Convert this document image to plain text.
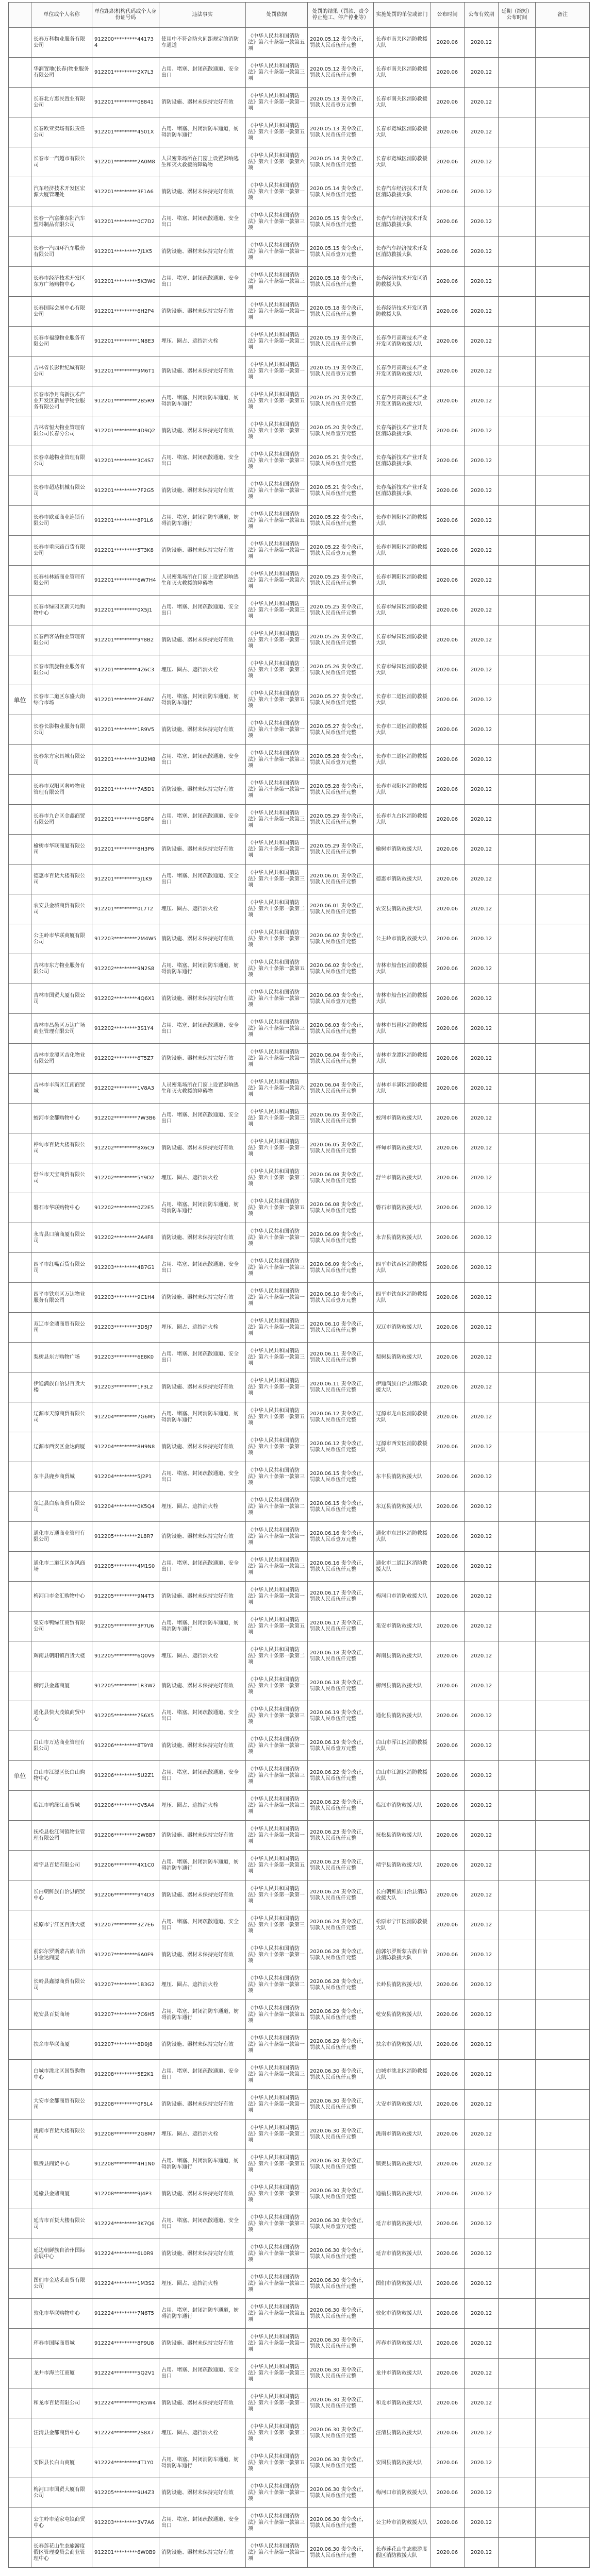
	单位或个人名称	单位组织机构代码或个人身份证号码	违法事实	处罚依据	处罚的结果（罚款、责令停止施工、停产停业等）	实施处罚的单位或部门	公布时间	公布有效期	延期（缩短）公布时间	备注
	长春万科物业服务有限公司	912200*********441734	使用中不符合防火间距规定的消防车通道	《中华人民共和国消防法》第六十条第一款第五项	2020.05.12 责令改正，罚款人民币伍仟元整	长春市南关区消防救援大队	2020.06	2020.12		
	华润置地(长春)物业服务有限公司	912201*********2X7L3	占用、堵塞、封闭疏散通道、安全出口	《中华人民共和国消防法》第六十条第一款第三项	2020.05.12 责令改正，罚款人民币伍仟元整	长春市南关区消防救援大队	2020.06	2020.12		
	长春北方惠民置业有限公司	912201*********08841	消防设施、器材未保持完好有效	《中华人民共和国消防法》第六十条第一款第一项	2020.05.13 责令改正，罚款人民币壹万元整	长春市南关区消防救援大队	2020.06	2020.12		
	长春欧亚卖场有限责任公司	912201*********4501X	占用、堵塞、封闭消防车通道，妨碍消防车通行	《中华人民共和国消防法》第六十条第一款第五项	2020.05.13 责令改正，罚款人民币伍仟元整	长春市宽城区消防救援大队	2020.06	2020.12		
	长春市一汽超市有限公司	912201*********2A0M8	人员密集场所在门窗上设置影响逃生和灭火救援的障碍物	《中华人民共和国消防法》第六十条第一款第六项	2020.05.14 责令改正，罚款人民币伍仟元整	长春市宽城区消防救援大队	2020.06	2020.12		
	汽车经济技术开发区宏源大厦管理处	912201*********3F1A6	消防设施、器材未保持完好有效	《中华人民共和国消防法》第六十条第一款第一项	2020.05.14 责令改正，罚款人民币伍仟元整	长春汽车经济技术开发区消防救援大队	2020.06	2020.12		
	长春一汽富维东阳汽车塑料制品有限公司	912201*********0C7D2	占用、堵塞、封闭疏散通道、安全出口	《中华人民共和国消防法》第六十条第一款第三项	2020.05.15 责令改正，罚款人民币伍仟元整	长春汽车经济技术开发区消防救援大队	2020.06	2020.12		
	长春一汽四环汽车股份有限公司	912201*********7J1X5	消防设施、器材未保持完好有效	《中华人民共和国消防法》第六十条第一款第一项	2020.05.15 责令改正，罚款人民币壹万元整	长春汽车经济技术开发区消防救援大队	2020.06	2020.12		
	长春市经济技术开发区东方广场购物中心	912201*********5K3W0	占用、堵塞、封闭疏散通道、安全出口	《中华人民共和国消防法》第六十条第一款第三项	2020.05.18 责令改正，罚款人民币伍仟元整	长春经济技术开发区消防救援大队	2020.06	2020.12		
	长春国际会展中心有限公司	912201*********6H2P4	消防设施、器材未保持完好有效	《中华人民共和国消防法》第六十条第一款第一项	2020.05.18 责令改正，罚款人民币伍仟元整	长春经济技术开发区消防救援大队	2020.06	2020.12		
	长春市福源物业服务有限公司	912201*********1N8E3	埋压、圈占、遮挡消火栓	《中华人民共和国消防法》第六十条第一款第二项	2020.05.19 责令改正，罚款人民币伍仟元整	长春净月高新技术产业开发区消防救援大队	2020.06	2020.12		
	吉林省长影世纪城有限公司	912201*********9M6T1	消防设施、器材未保持完好有效	《中华人民共和国消防法》第六十条第一款第一项	2020.05.19 责令改正，罚款人民币壹万元整	长春净月高新技术产业开发区消防救援大队	2020.06	2020.12		
	长春市净月高新技术产业开发区新星宇物业服务有限公司	912201*********2B5R9	占用、堵塞、封闭消防车通道，妨碍消防车通行	《中华人民共和国消防法》第六十条第一款第五项	2020.05.20 责令改正，罚款人民币伍仟元整	长春净月高新技术产业开发区消防救援大队	2020.06	2020.12		
	吉林省恒大物业管理有限公司长春分公司	912201*********4D9Q2	消防设施、器材未保持完好有效	《中华人民共和国消防法》第六十条第一款第一项	2020.05.20 责令改正，罚款人民币壹万元整	长春高新技术产业开发区消防救援大队	2020.06	2020.12		
	长春卓越物业管理有限公司	912201*********3C4S7	占用、堵塞、封闭疏散通道、安全出口	《中华人民共和国消防法》第六十条第一款第三项	2020.05.21 责令改正，罚款人民币伍仟元整	长春高新技术产业开发区消防救援大队	2020.06	2020.12		
	长春市超达机械有限公司	912201*********7F2G5	消防设施、器材未保持完好有效	《中华人民共和国消防法》第六十条第一款第一项	2020.05.21 责令改正，罚款人民币伍仟元整	长春高新技术产业开发区消防救援大队	2020.06	2020.12		
	长春市欧亚商业连锁有限公司	912201*********8P1L6	占用、堵塞、封闭消防车通道，妨碍消防车通行	《中华人民共和国消防法》第六十条第一款第五项	2020.05.22 责令改正，罚款人民币伍仟元整	长春市朝阳区消防救援大队	2020.06	2020.12		
	长春市重庆路百货有限公司	912201*********5T3K8	消防设施、器材未保持完好有效	《中华人民共和国消防法》第六十条第一款第一项	2020.05.22 责令改正，罚款人民币壹万元整	长春市朝阳区消防救援大队	2020.06	2020.12		
	长春桂林路商业管理有限公司	912201*********6W7H4	人员密集场所在门窗上设置影响逃生和灭火救援的障碍物	《中华人民共和国消防法》第六十条第一款第六项	2020.05.25 责令改正，罚款人民币伍仟元整	长春市朝阳区消防救援大队	2020.06	2020.12		
	长春市绿园区新天地购物中心	912201*********0X5J1	占用、堵塞、封闭疏散通道、安全出口	《中华人民共和国消防法》第六十条第一款第三项	2020.05.25 责令改正，罚款人民币伍仟元整	长春市绿园区消防救援大队	2020.06	2020.12		
	长春西客站物业管理有限公司	912201*********9Y8B2	消防设施、器材未保持完好有效	《中华人民共和国消防法》第六十条第一款第一项	2020.05.26 责令改正，罚款人民币伍仟元整	长春市绿园区消防救援大队	2020.06	2020.12		
	长春市凯旋物业服务有限公司	912201*********4Z6C3	埋压、圈占、遮挡消火栓	《中华人民共和国消防法》第六十条第一款第二项	2020.05.26 责令改正，罚款人民币伍仟元整	长春市绿园区消防救援大队	2020.06	2020.12		
单位	长春市二道区东盛大街综合市场	912201*********2E4N7	占用、堵塞、封闭消防车通道，妨碍消防车通行	《中华人民共和国消防法》第六十条第一款第五项	2020.05.27 责令改正，罚款人民币伍仟元整	长春市二道区消防救援大队	2020.06	2020.12		
	长春长影物业服务有限公司	912201*********1R9V5	消防设施、器材未保持完好有效	《中华人民共和国消防法》第六十条第一款第一项	2020.05.27 责令改正，罚款人民币伍仟元整	长春市二道区消防救援大队	2020.06	2020.12		
	长春东方家具城有限公司	912201*********3U2M8	占用、堵塞、封闭疏散通道、安全出口	《中华人民共和国消防法》第六十条第一款第三项	2020.05.28 责令改正，罚款人民币壹万元整	长春市二道区消防救援大队	2020.06	2020.12		
	长春市双阳区奢岭物业管理有限公司	912201*********7A5D1	消防设施、器材未保持完好有效	《中华人民共和国消防法》第六十条第一款第一项	2020.05.28 责令改正，罚款人民币伍仟元整	长春市双阳区消防救援大队	2020.06	2020.12		
	长春市九台区金鑫商贸有限公司	912201*********6G8F4	占用、堵塞、封闭疏散通道、安全出口	《中华人民共和国消防法》第六十条第一款第三项	2020.05.29 责令改正，罚款人民币伍仟元整	长春市九台区消防救援大队	2020.06	2020.12		
	榆树市华联商厦有限公司	912201*********8H3P6	消防设施、器材未保持完好有效	《中华人民共和国消防法》第六十条第一款第一项	2020.05.29 责令改正，罚款人民币伍仟元整	榆树市消防救援大队	2020.06	2020.12		
	德惠市百货大楼有限公司	912201*********5J1K9	占用、堵塞、封闭疏散通道、安全出口	《中华人民共和国消防法》第六十条第一款第三项	2020.06.01 责令改正，罚款人民币伍仟元整	德惠市消防救援大队	2020.06	2020.12		
	农安县金城商贸有限公司	912201*********0L7T2	埋压、圈占、遮挡消火栓	《中华人民共和国消防法》第六十条第一款第二项	2020.06.01 责令改正，罚款人民币伍仟元整	农安县消防救援大队	2020.06	2020.12		
	公主岭市华联商厦有限公司	912203*********2M4W5	消防设施、器材未保持完好有效	《中华人民共和国消防法》第六十条第一款第一项	2020.06.02 责令改正，罚款人民币伍仟元整	公主岭市消防救援大队	2020.06	2020.12		
	吉林市东方物业服务有限公司	912202*********9N2S8	占用、堵塞、封闭消防车通道，妨碍消防车通行	《中华人民共和国消防法》第六十条第一款第五项	2020.06.02 责令改正，罚款人民币伍仟元整	吉林市船营区消防救援大队	2020.06	2020.12		
	吉林市国贸大厦有限公司	912202*********4Q6X1	消防设施、器材未保持完好有效	《中华人民共和国消防法》第六十条第一款第一项	2020.06.03 责令改正，罚款人民币壹万元整	吉林市船营区消防救援大队	2020.06	2020.12		
	吉林市昌邑区万达广场商业管理有限公司	912202*********3S1Y4	占用、堵塞、封闭疏散通道、安全出口	《中华人民共和国消防法》第六十条第一款第三项	2020.06.03 责令改正，罚款人民币伍仟元整	吉林市昌邑区消防救援大队	2020.06	2020.12		
	吉林市龙潭区吉化物业有限公司	912202*********6T5Z7	消防设施、器材未保持完好有效	《中华人民共和国消防法》第六十条第一款第一项	2020.06.04 责令改正，罚款人民币伍仟元整	吉林市龙潭区消防救援大队	2020.06	2020.12		
	吉林市丰满区江南商贸城	912202*********1V8A3	人员密集场所在门窗上设置影响逃生和灭火救援的障碍物	《中华人民共和国消防法》第六十条第一款第六项	2020.06.04 责令改正，罚款人民币伍仟元整	吉林市丰满区消防救援大队	2020.06	2020.12		
	蛟河市金都购物中心	912202*********7W3B6	占用、堵塞、封闭疏散通道、安全出口	《中华人民共和国消防法》第六十条第一款第三项	2020.06.05 责令改正，罚款人民币伍仟元整	蛟河市消防救援大队	2020.06	2020.12		
	桦甸市百货大楼有限公司	912202*********8X6C9	消防设施、器材未保持完好有效	《中华人民共和国消防法》第六十条第一款第一项	2020.06.05 责令改正，罚款人民币伍仟元整	桦甸市消防救援大队	2020.06	2020.12		
	舒兰市天宝商贸有限公司	912202*********5Y9D2	埋压、圈占、遮挡消火栓	《中华人民共和国消防法》第六十条第一款第二项	2020.06.08 责令改正，罚款人民币伍仟元整	舒兰市消防救援大队	2020.06	2020.12		
	磐石市华联购物中心	912202*********0Z2E5	占用、堵塞、封闭消防车通道，妨碍消防车通行	《中华人民共和国消防法》第六十条第一款第五项	2020.06.08 责令改正，罚款人民币伍仟元整	磐石市消防救援大队	2020.06	2020.12		
	永吉县口前商厦有限公司	912202*********2A4F8	消防设施、器材未保持完好有效	《中华人民共和国消防法》第六十条第一款第一项	2020.06.09 责令改正，罚款人民币伍仟元整	永吉县消防救援大队	2020.06	2020.12		
	四平市红嘴百货有限公司	912203*********4B7G1	占用、堵塞、封闭疏散通道、安全出口	《中华人民共和国消防法》第六十条第一款第三项	2020.06.09 责令改正，罚款人民币伍仟元整	四平市铁西区消防救援大队	2020.06	2020.12		
	四平市铁东区万达物业服务有限公司	912203*********9C1H4	消防设施、器材未保持完好有效	《中华人民共和国消防法》第六十条第一款第一项	2020.06.10 责令改正，罚款人民币壹万元整	四平市铁东区消防救援大队	2020.06	2020.12		
	双辽市金鼎商贸有限公司	912203*********3D5J7	埋压、圈占、遮挡消火栓	《中华人民共和国消防法》第六十条第一款第二项	2020.06.10 责令改正，罚款人民币伍仟元整	双辽市消防救援大队	2020.06	2020.12		
	梨树县东方购物广场	912203*********6E8K0	占用、堵塞、封闭疏散通道、安全出口	《中华人民共和国消防法》第六十条第一款第三项	2020.06.11 责令改正，罚款人民币伍仟元整	梨树县消防救援大队	2020.06	2020.12		
	伊通满族自治县百货大楼	912203*********1F3L2	消防设施、器材未保持完好有效	《中华人民共和国消防法》第六十条第一款第一项	2020.06.11 责令改正，罚款人民币伍仟元整	伊通满族自治县消防救援大队	2020.06	2020.12		
	辽源市天源商贸有限公司	912204*********7G6M5	占用、堵塞、封闭消防车通道，妨碍消防车通行	《中华人民共和国消防法》第六十条第一款第五项	2020.06.12 责令改正，罚款人民币伍仟元整	辽源市龙山区消防救援大队	2020.06	2020.12		
	辽源市西安区金达商厦	912204*********8H9N8	消防设施、器材未保持完好有效	《中华人民共和国消防法》第六十条第一款第一项	2020.06.12 责令改正，罚款人民币伍仟元整	辽源市西安区消防救援大队	2020.06	2020.12		
	东丰县鹿乡商贸城	912204*********5J2P1	占用、堵塞、封闭疏散通道、安全出口	《中华人民共和国消防法》第六十条第一款第三项	2020.06.15 责令改正，罚款人民币伍仟元整	东丰县消防救援大队	2020.06	2020.12		
	东辽县白泉商贸有限公司	912204*********0K5Q4	埋压、圈占、遮挡消火栓	《中华人民共和国消防法》第六十条第一款第二项	2020.06.15 责令改正，罚款人民币伍仟元整	东辽县消防救援大队	2020.06	2020.12		
	通化市万通商业管理有限公司	912205*********2L8R7	消防设施、器材未保持完好有效	《中华人民共和国消防法》第六十条第一款第一项	2020.06.16 责令改正，罚款人民币壹万元整	通化市东昌区消防救援大队	2020.06	2020.12		
	通化市二道江区东风商场	912205*********4M1S0	占用、堵塞、封闭疏散通道、安全出口	《中华人民共和国消防法》第六十条第一款第三项	2020.06.16 责令改正，罚款人民币伍仟元整	通化市二道江区消防救援大队	2020.06	2020.12		
	梅河口市金汇购物中心	912205*********9N4T3	消防设施、器材未保持完好有效	《中华人民共和国消防法》第六十条第一款第一项	2020.06.17 责令改正，罚款人民币伍仟元整	梅河口市消防救援大队	2020.06	2020.12		
	集安市鸭绿江商贸有限公司	912205*********3P7U6	占用、堵塞、封闭消防车通道，妨碍消防车通行	《中华人民共和国消防法》第六十条第一款第五项	2020.06.17 责令改正，罚款人民币伍仟元整	集安市消防救援大队	2020.06	2020.12		
	辉南县朝阳镇百货大楼	912205*********6Q0V9	埋压、圈占、遮挡消火栓	《中华人民共和国消防法》第六十条第一款第二项	2020.06.18 责令改正，罚款人民币伍仟元整	辉南县消防救援大队	2020.06	2020.12		
	柳河县金鑫商厦	912205*********1R3W2	消防设施、器材未保持完好有效	《中华人民共和国消防法》第六十条第一款第一项	2020.06.18 责令改正，罚款人民币伍仟元整	柳河县消防救援大队	2020.06	2020.12		
	通化县快大茂镇商贸中心	912205*********7S6X5	占用、堵塞、封闭疏散通道、安全出口	《中华人民共和国消防法》第六十条第一款第三项	2020.06.19 责令改正，罚款人民币伍仟元整	通化县消防救援大队	2020.06	2020.12		
	白山市万达商业管理有限公司	912206*********8T9Y8	消防设施、器材未保持完好有效	《中华人民共和国消防法》第六十条第一款第一项	2020.06.19 责令改正，罚款人民币壹万元整	白山市浑江区消防救援大队	2020.06	2020.12		
单位	白山市江源区长白山购物中心	912206*********5U2Z1	占用、堵塞、封闭疏散通道、安全出口	《中华人民共和国消防法》第六十条第一款第三项	2020.06.22 责令改正，罚款人民币伍仟元整	白山市江源区消防救援大队	2020.06	2020.12		
	临江市鸭绿江商贸城	912206*********0V5A4	埋压、圈占、遮挡消火栓	《中华人民共和国消防法》第六十条第一款第二项	2020.06.22 责令改正，罚款人民币伍仟元整	临江市消防救援大队	2020.06	2020.12		
	抚松县松江河镇物业管理有限公司	912206*********2W8B7	消防设施、器材未保持完好有效	《中华人民共和国消防法》第六十条第一款第一项	2020.06.23 责令改正，罚款人民币伍仟元整	抚松县消防救援大队	2020.06	2020.12		
	靖宇县百货有限公司	912206*********4X1C0	占用、堵塞、封闭消防车通道，妨碍消防车通行	《中华人民共和国消防法》第六十条第一款第五项	2020.06.23 责令改正，罚款人民币伍仟元整	靖宇县消防救援大队	2020.06	2020.12		
	长白朝鲜族自治县商贸中心	912206*********9Y4D3	消防设施、器材未保持完好有效	《中华人民共和国消防法》第六十条第一款第一项	2020.06.24 责令改正，罚款人民币伍仟元整	长白朝鲜族自治县消防救援大队	2020.06	2020.12		
	松原市宁江区百货大楼	912207*********3Z7E6	占用、堵塞、封闭疏散通道、安全出口	《中华人民共和国消防法》第六十条第一款第三项	2020.06.24 责令改正，罚款人民币伍仟元整	松原市宁江区消防救援大队	2020.06	2020.12		
	前郭尔罗斯蒙古族自治县金达商厦	912207*********6A0F9	消防设施、器材未保持完好有效	《中华人民共和国消防法》第六十条第一款第一项	2020.06.28 责令改正，罚款人民币伍仟元整	前郭尔罗斯蒙古族自治县消防救援大队	2020.06	2020.12		
	长岭县鑫源商贸有限公司	912207*********1B3G2	埋压、圈占、遮挡消火栓	《中华人民共和国消防法》第六十条第一款第二项	2020.06.28 责令改正，罚款人民币伍仟元整	长岭县消防救援大队	2020.06	2020.12		
	乾安县百货商场	912207*********7C6H5	占用、堵塞、封闭消防车通道，妨碍消防车通行	《中华人民共和国消防法》第六十条第一款第五项	2020.06.29 责令改正，罚款人民币伍仟元整	乾安县消防救援大队	2020.06	2020.12		
	扶余市华联商厦	912207*********8D9J8	消防设施、器材未保持完好有效	《中华人民共和国消防法》第六十条第一款第一项	2020.06.29 责令改正，罚款人民币伍仟元整	扶余市消防救援大队	2020.06	2020.12		
	白城市洮北区国贸购物中心	912208*********5E2K1	占用、堵塞、封闭疏散通道、安全出口	《中华人民共和国消防法》第六十条第一款第三项	2020.06.30 责令改正，罚款人民币伍仟元整	白城市洮北区消防救援大队	2020.06	2020.12		
	大安市金都商贸有限公司	912208*********0F5L4	消防设施、器材未保持完好有效	《中华人民共和国消防法》第六十条第一款第一项	2020.06.30 责令改正，罚款人民币伍仟元整	大安市消防救援大队	2020.06	2020.12		
	洮南市百货大楼有限公司	912208*********2G8M7	埋压、圈占、遮挡消火栓	《中华人民共和国消防法》第六十条第一款第二项	2020.06.30 责令改正，罚款人民币伍仟元整	洮南市消防救援大队	2020.06	2020.12		
	镇赉县商贸中心	912208*********4H1N0	占用、堵塞、封闭消防车通道，妨碍消防车通行	《中华人民共和国消防法》第六十条第一款第五项	2020.06.30 责令改正，罚款人民币伍仟元整	镇赉县消防救援大队	2020.06	2020.12		
	通榆县金鼎商厦	912208*********9J4P3	消防设施、器材未保持完好有效	《中华人民共和国消防法》第六十条第一款第一项	2020.06.30 责令改正，罚款人民币伍仟元整	通榆县消防救援大队	2020.06	2020.12		
	延吉市百货大楼有限公司	912224*********3K7Q6	占用、堵塞、封闭疏散通道、安全出口	《中华人民共和国消防法》第六十条第一款第三项	2020.06.30 责令改正，罚款人民币壹万元整	延吉市消防救援大队	2020.06	2020.12		
	延边朝鲜族自治州国际会展中心	912224*********6L0R9	消防设施、器材未保持完好有效	《中华人民共和国消防法》第六十条第一款第一项	2020.06.30 责令改正，罚款人民币伍仟元整	延吉市消防救援大队	2020.06	2020.12		
	图们市金达莱商贸有限公司	912224*********1M3S2	埋压、圈占、遮挡消火栓	《中华人民共和国消防法》第六十条第一款第二项	2020.06.30 责令改正，罚款人民币伍仟元整	图们市消防救援大队	2020.06	2020.12		
	敦化市华联购物中心	912224*********7N6T5	占用、堵塞、封闭消防车通道，妨碍消防车通行	《中华人民共和国消防法》第六十条第一款第五项	2020.06.30 责令改正，罚款人民币伍仟元整	敦化市消防救援大队	2020.06	2020.12		
	珲春市国际商贸城	912224*********8P9U8	消防设施、器材未保持完好有效	《中华人民共和国消防法》第六十条第一款第一项	2020.06.30 责令改正，罚款人民币伍仟元整	珲春市消防救援大队	2020.06	2020.12		
	龙井市海兰江商厦	912224*********5Q2V1	占用、堵塞、封闭疏散通道、安全出口	《中华人民共和国消防法》第六十条第一款第三项	2020.06.30 责令改正，罚款人民币伍仟元整	龙井市消防救援大队	2020.06	2020.12		
	和龙市百货有限公司	912224*********0R5W4	消防设施、器材未保持完好有效	《中华人民共和国消防法》第六十条第一款第一项	2020.06.30 责令改正，罚款人民币伍仟元整	和龙市消防救援大队	2020.06	2020.12		
	汪清县金都商贸中心	912224*********2S8X7	埋压、圈占、遮挡消火栓	《中华人民共和国消防法》第六十条第一款第二项	2020.06.30 责令改正，罚款人民币伍仟元整	汪清县消防救援大队	2020.06	2020.12		
	安图县长白山商厦	912224*********4T1Y0	占用、堵塞、封闭消防车通道，妨碍消防车通行	《中华人民共和国消防法》第六十条第一款第五项	2020.06.30 责令改正，罚款人民币伍仟元整	安图县消防救援大队	2020.06	2020.12		
	梅河口市国贸大厦有限公司	912205*********9U4Z3	消防设施、器材未保持完好有效	《中华人民共和国消防法》第六十条第一款第一项	2020.06.30 责令改正，罚款人民币伍仟元整	梅河口市消防救援大队	2020.06	2020.12		
	公主岭市范家屯镇商贸中心	912203*********3V7A6	占用、堵塞、封闭疏散通道、安全出口	《中华人民共和国消防法》第六十条第一款第三项	2020.06.30 责令改正，罚款人民币伍仟元整	公主岭市消防救援大队	2020.06	2020.12		
	长春莲花山生态旅游度假区管理委员会商业管理中心	912201*********6W0B9	消防设施、器材未保持完好有效	《中华人民共和国消防法》第六十条第一款第一项	2020.06.30 责令改正，罚款人民币伍仟元整	长春莲花山生态旅游度假区消防救援大队	2020.06	2020.12		
